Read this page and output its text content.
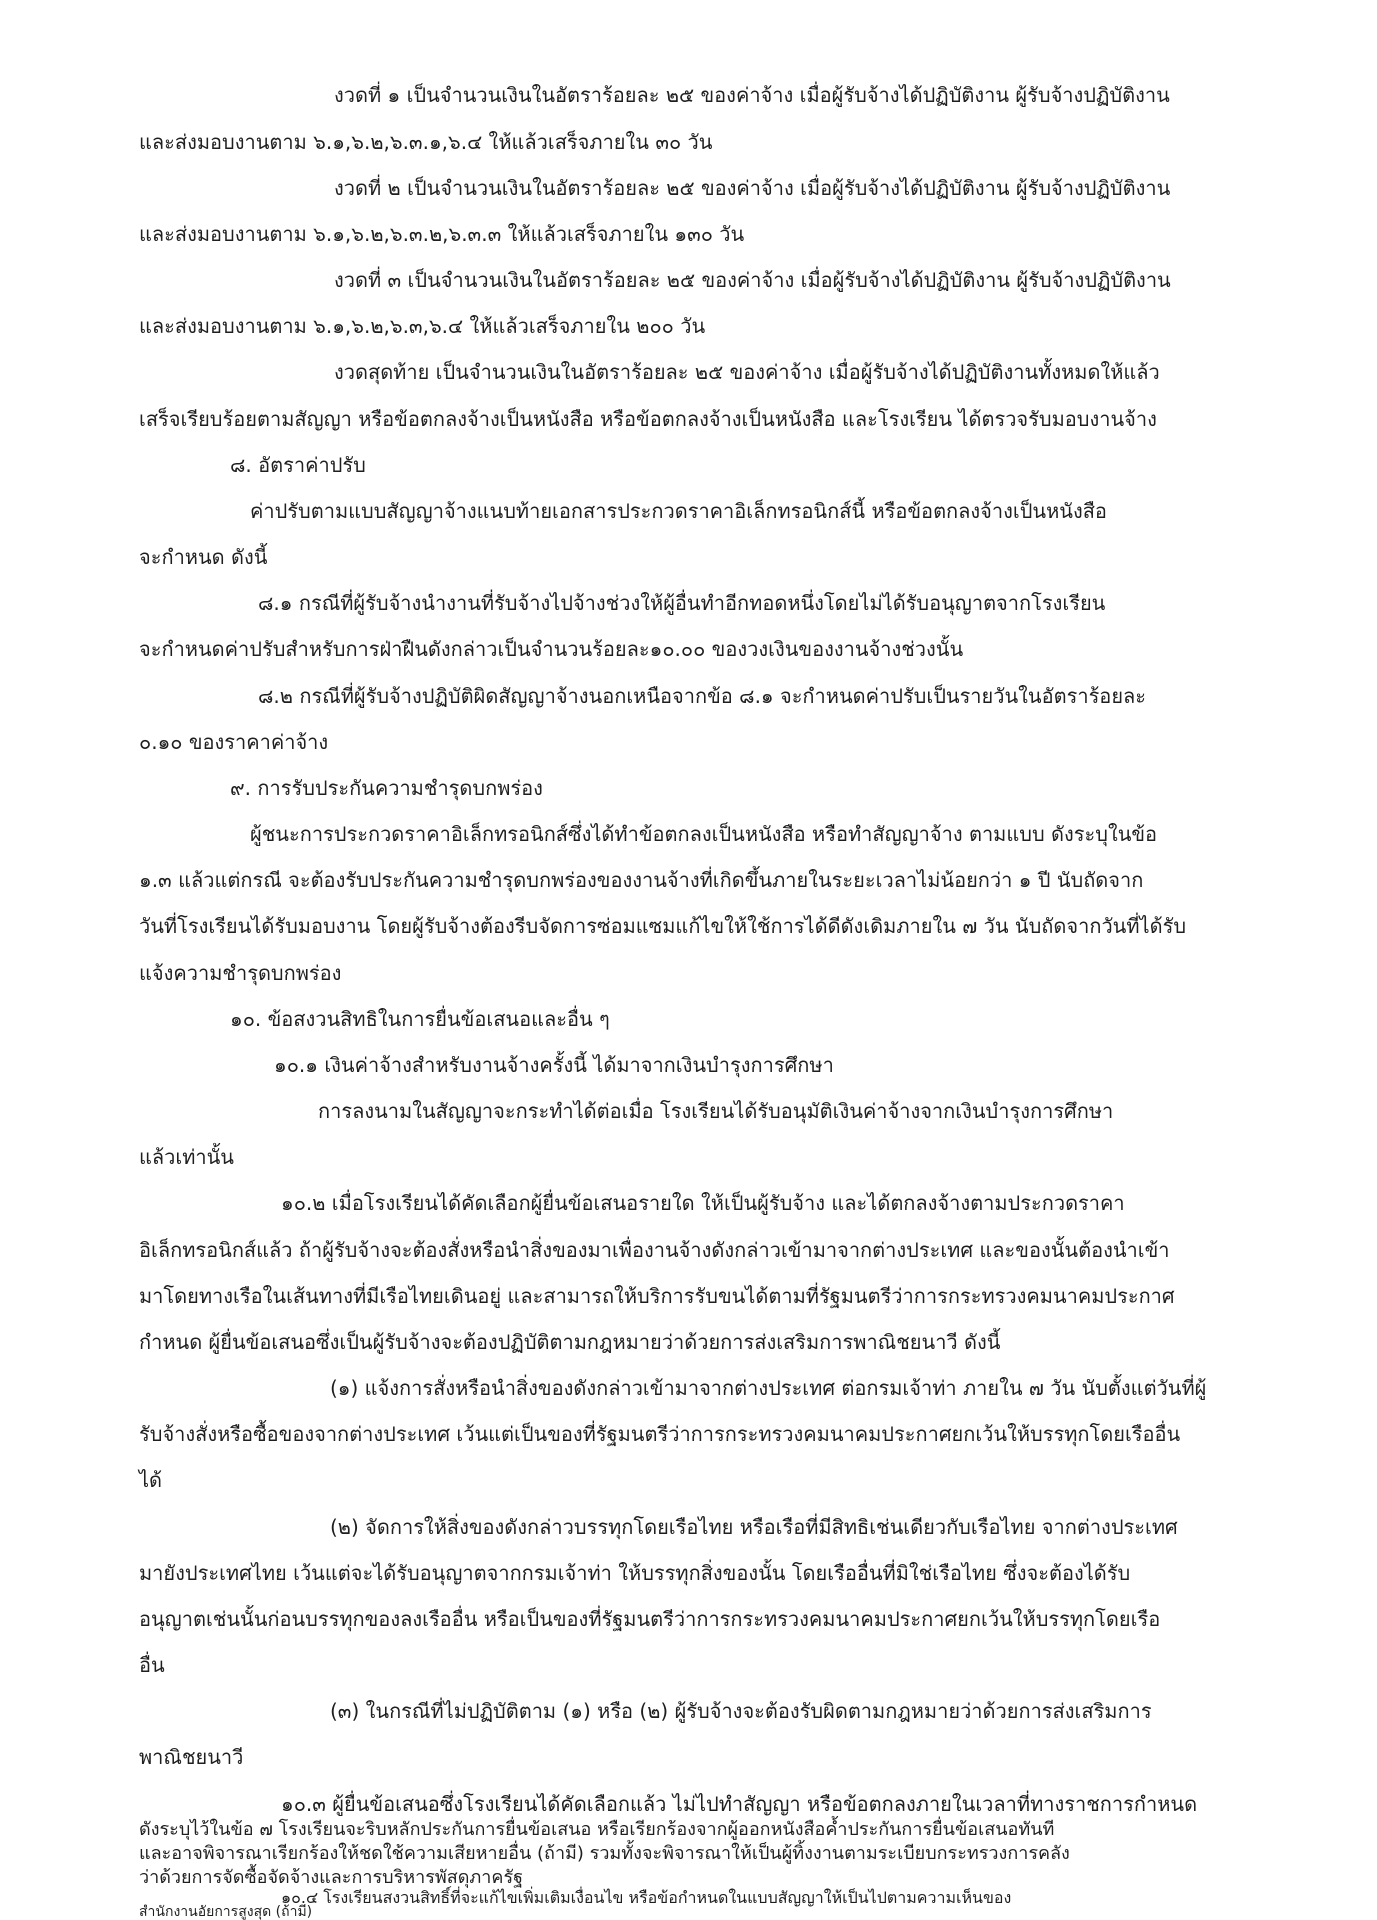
งวดที่ ๑ เป็นจำนวนเงินในอัตราร้อยละ ๒๕ ของค่าจ้าง เมื่อผู้รับจ้างได้ปฏิบัติงาน ผู้รับจ้างปฏิบัติงาน

และส่งมอบงานตาม ๖.๑,๖.๒,๖.๓.๑,๖.๔ ให้แล้วเสร็จภายใน ๓๐ วัน

งวดที่ ๒ เป็นจำนวนเงินในอัตราร้อยละ ๒๕ ของค่าจ้าง เมื่อผู้รับจ้างได้ปฏิบัติงาน ผู้รับจ้างปฏิบัติงาน

และส่งมอบงานตาม ๖.๑,๖.๒,๖.๓.๒,๖.๓.๓ ให้แล้วเสร็จภายใน ๑๓๐ วัน

งวดที่ ๓ เป็นจำนวนเงินในอัตราร้อยละ ๒๕ ของค่าจ้าง เมื่อผู้รับจ้างได้ปฏิบัติงาน ผู้รับจ้างปฏิบัติงาน

และส่งมอบงานตาม ๖.๑,๖.๒,๖.๓,๖.๔ ให้แล้วเสร็จภายใน ๒๐๐ วัน

งวดสุดท้าย เป็นจำนวนเงินในอัตราร้อยละ ๒๕ ของค่าจ้าง เมื่อผู้รับจ้างได้ปฏิบัติงานทั้งหมดให้แล้ว

เสร็จเรียบร้อยตามสัญญา หรือข้อตกลงจ้างเป็นหนังสือ หรือข้อตกลงจ้างเป็นหนังสือ และโรงเรียน ได้ตรวจรับมอบงานจ้าง

๘. อัตราค่าปรับ

ค่าปรับตามแบบสัญญาจ้างแนบท้ายเอกสารประกวดราคาอิเล็กทรอนิกส์นี้ หรือข้อตกลงจ้างเป็นหนังสือ

จะกำหนด ดังนี้

๘.๑ กรณีที่ผู้รับจ้างนำงานที่รับจ้างไปจ้างช่วงให้ผู้อื่นทำอีกทอดหนึ่งโดยไม่ได้รับอนุญาตจากโรงเรียน

จะกำหนดค่าปรับสำหรับการฝ่าฝืนดังกล่าวเป็นจำนวนร้อยละ๑๐.๐๐ ของวงเงินของงานจ้างช่วงนั้น

๘.๒ กรณีที่ผู้รับจ้างปฏิบัติผิดสัญญาจ้างนอกเหนือจากข้อ ๘.๑ จะกำหนดค่าปรับเป็นรายวันในอัตราร้อยละ

๐.๑๐ ของราคาค่าจ้าง

๙. การรับประกันความชำรุดบกพร่อง

ผู้ชนะการประกวดราคาอิเล็กทรอนิกส์ซึ่งได้ทำข้อตกลงเป็นหนังสือ หรือทำสัญญาจ้าง ตามแบบ ดังระบุในข้อ

๑.๓ แล้วแต่กรณี จะต้องรับประกันความชำรุดบกพร่องของงานจ้างที่เกิดขึ้นภายในระยะเวลาไม่น้อยกว่า ๑ ปี นับถัดจาก

วันที่โรงเรียนได้รับมอบงาน โดยผู้รับจ้างต้องรีบจัดการซ่อมแซมแก้ไขให้ใช้การได้ดีดังเดิมภายใน ๗ วัน นับถัดจากวันที่ได้รับ

แจ้งความชำรุดบกพร่อง

๑๐. ข้อสงวนสิทธิในการยื่นข้อเสนอและอื่น ๆ

๑๐.๑ เงินค่าจ้างสำหรับงานจ้างครั้งนี้ ได้มาจากเงินบำรุงการศึกษา

การลงนามในสัญญาจะกระทำได้ต่อเมื่อ โรงเรียนได้รับอนุมัติเงินค่าจ้างจากเงินบำรุงการศึกษา

แล้วเท่านั้น

๑๐.๒ เมื่อโรงเรียนได้คัดเลือกผู้ยื่นข้อเสนอรายใด ให้เป็นผู้รับจ้าง และได้ตกลงจ้างตามประกวดราคา

อิเล็กทรอนิกส์แล้ว ถ้าผู้รับจ้างจะต้องสั่งหรือนำสิ่งของมาเพื่องานจ้างดังกล่าวเข้ามาจากต่างประเทศ และของนั้นต้องนำเข้า

มาโดยทางเรือในเส้นทางที่มีเรือไทยเดินอยู่ และสามารถให้บริการรับขนได้ตามที่รัฐมนตรีว่าการกระทรวงคมนาคมประกาศ

กำหนด ผู้ยื่นข้อเสนอซึ่งเป็นผู้รับจ้างจะต้องปฏิบัติตามกฎหมายว่าด้วยการส่งเสริมการพาณิชยนาวี ดังนี้

(๑) แจ้งการสั่งหรือนำสิ่งของดังกล่าวเข้ามาจากต่างประเทศ ต่อกรมเจ้าท่า ภายใน ๗ วัน นับตั้งแต่วันที่ผู้

รับจ้างสั่งหรือซื้อของจากต่างประเทศ เว้นแต่เป็นของที่รัฐมนตรีว่าการกระทรวงคมนาคมประกาศยกเว้นให้บรรทุกโดยเรืออื่น

ได้

(๒) จัดการให้สิ่งของดังกล่าวบรรทุกโดยเรือไทย หรือเรือที่มีสิทธิเช่นเดียวกับเรือไทย จากต่างประเทศ

มายังประเทศไทย เว้นแต่จะได้รับอนุญาตจากกรมเจ้าท่า ให้บรรทุกสิ่งของนั้น โดยเรืออื่นที่มิใช่เรือไทย ซึ่งจะต้องได้รับ

อนุญาตเช่นนั้นก่อนบรรทุกของลงเรืออื่น หรือเป็นของที่รัฐมนตรีว่าการกระทรวงคมนาคมประกาศยกเว้นให้บรรทุกโดยเรือ

อื่น

(๓) ในกรณีที่ไม่ปฏิบัติตาม (๑) หรือ (๒) ผู้รับจ้างจะต้องรับผิดตามกฎหมายว่าด้วยการส่งเสริมการ

พาณิชยนาวี

๑๐.๓ ผู้ยื่นข้อเสนอซึ่งโรงเรียนได้คัดเลือกแล้ว ไม่ไปทำสัญญา หรือข้อตกลงภายในเวลาที่ทางราชการกำหนด

ดังระบุไว้ในข้อ ๗ โรงเรียนจะริบหลักประกันการยื่นข้อเสนอ หรือเรียกร้องจากผู้ออกหนังสือค้ำประกันการยื่นข้อเสนอทันที

และอาจพิจารณาเรียกร้องให้ชดใช้ความเสียหายอื่น (ถ้ามี) รวมทั้งจะพิจารณาให้เป็นผู้ทิ้งงานตามระเบียบกระทรวงการคลัง

ว่าด้วยการจัดซื้อจัดจ้างและการบริหารพัสดุภาครัฐ

๑๐.๔ โรงเรียนสงวนสิทธิ์ที่จะแก้ไขเพิ่มเติมเงื่อนไข หรือข้อกำหนดในแบบสัญญาให้เป็นไปตามความเห็นของ

สำนักงานอัยการสูงสุด (ถ้ามี)
